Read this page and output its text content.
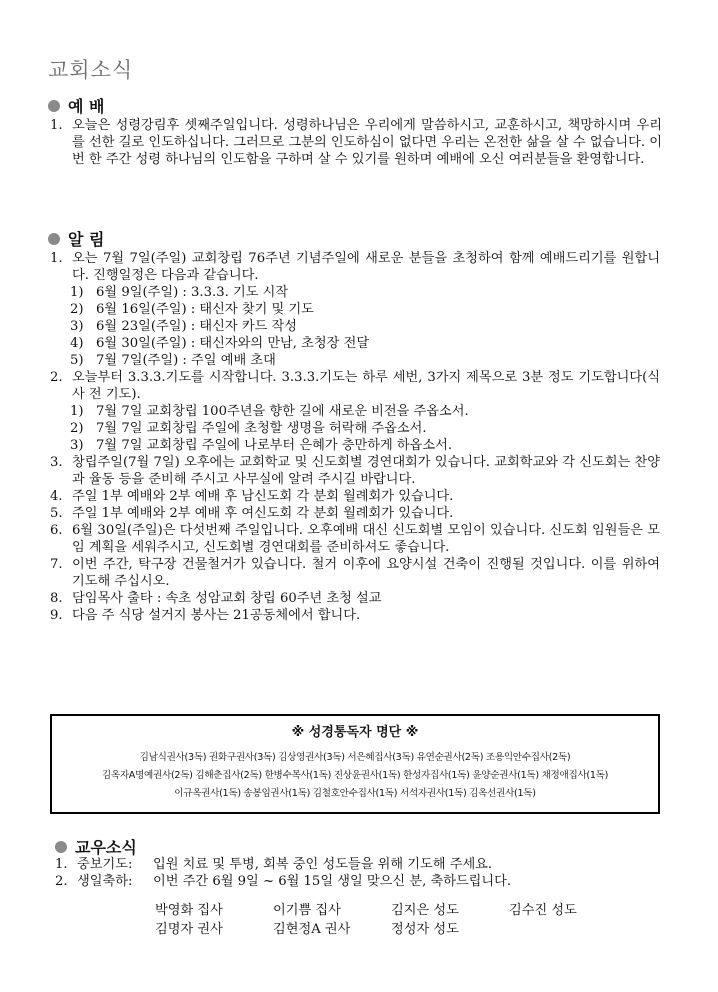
교회소식
예 배
1. 오늘은 성령강림후 셋째주일입니다. 성령하나님은 우리에게 말씀하시고, 교훈하시고, 책망하시며 우리를 선한 길로 인도하십니다. 그러므로 그분의 인도하심이 없다면 우리는 온전한 삶을 살 수 없습니다. 이번 한 주간 성령 하나님의 인도함을 구하며 살 수 있기를 원하며 예배에 오신 여러분들을 환영합니다.
알 림
1. 오는 7월 7일(주일) 교회창립 76주년 기념주일에 새로운 분들을 초청하여 함께 예배드리기를 원합니다. 진행일정은 다음과 같습니다.
1) 6월 9일(주일) : 3.3.3. 기도 시작
2) 6월 16일(주일) : 태신자 찾기 및 기도
3) 6월 23일(주일) : 태신자 카드 작성
4) 6월 30일(주일) : 태신자와의 만남, 초청장 전달
5) 7월 7일(주일) : 주일 예배 초대
2. 오늘부터 3.3.3.기도를 시작합니다. 3.3.3.기도는 하루 세번, 3가지 제목으로 3분 정도 기도합니다(식사 전 기도).
1) 7월 7일 교회창립 100주년을 향한 길에 새로운 비전을 주옵소서.
2) 7월 7일 교회창립 주일에 초청할 생명을 허락해 주옵소서.
3) 7월 7일 교회창립 주일에 나로부터 은혜가 충만하게 하옵소서.
3. 창립주일(7월 7일) 오후에는 교회학교 및 신도회별 경연대회가 있습니다. 교회학교와 각 신도회는 찬양과 율동 등을 준비해 주시고 사무실에 알려 주시길 바랍니다.
4. 주일 1부 예배와 2부 예배 후 남신도회 각 분회 월례회가 있습니다.
5. 주일 1부 예배와 2부 예배 후 여신도회 각 분회 월례회가 있습니다.
6. 6월 30일(주일)은 다섯번째 주일입니다. 오후예배 대신 신도회별 모임이 있습니다. 신도회 임원들은 모임 계획을 세워주시고, 신도회별 경연대회를 준비하셔도 좋습니다.
7. 이번 주간, 탁구장 건물철거가 있습니다. 철거 이후에 요양시설 건축이 진행될 것입니다. 이를 위하여 기도해 주십시오.
8. 담임목사 출타 : 속초 성암교회 창립 60주년 초청 설교
9. 다음 주 식당 설거지 봉사는 21공동체에서 합니다.
※ 성경통독자 명단 ※
김남식권사(3독) 권화구권사(3독) 김상영권사(3독) 서은혜집사(3독) 유연순권사(2독) 조용익안수집사(2독)
김옥자A명예권사(2독) 김해춘집사(2독) 한병수목사(1독) 진상윤권사(1독) 한성자집사(1독) 윤양순권사(1독) 채정애집사(1독)
이규옥권사(1독) 송봉임권사(1독) 김철호안수집사(1독) 서석자권사(1독) 김옥선권사(1독)
교우소식
1. 중보기도:	입원 치료 및 투병, 회복 중인 성도들을 위해 기도해 주세요.
2. 생일축하:	이번 주간 6월 9일 ~ 6월 15일 생일 맞으신 분, 축하드립니다.
박영화 집사	이기쁨 집사	김지은 성도	김수진 성도
김명자 권사	김현정A 권사	정성자 성도
